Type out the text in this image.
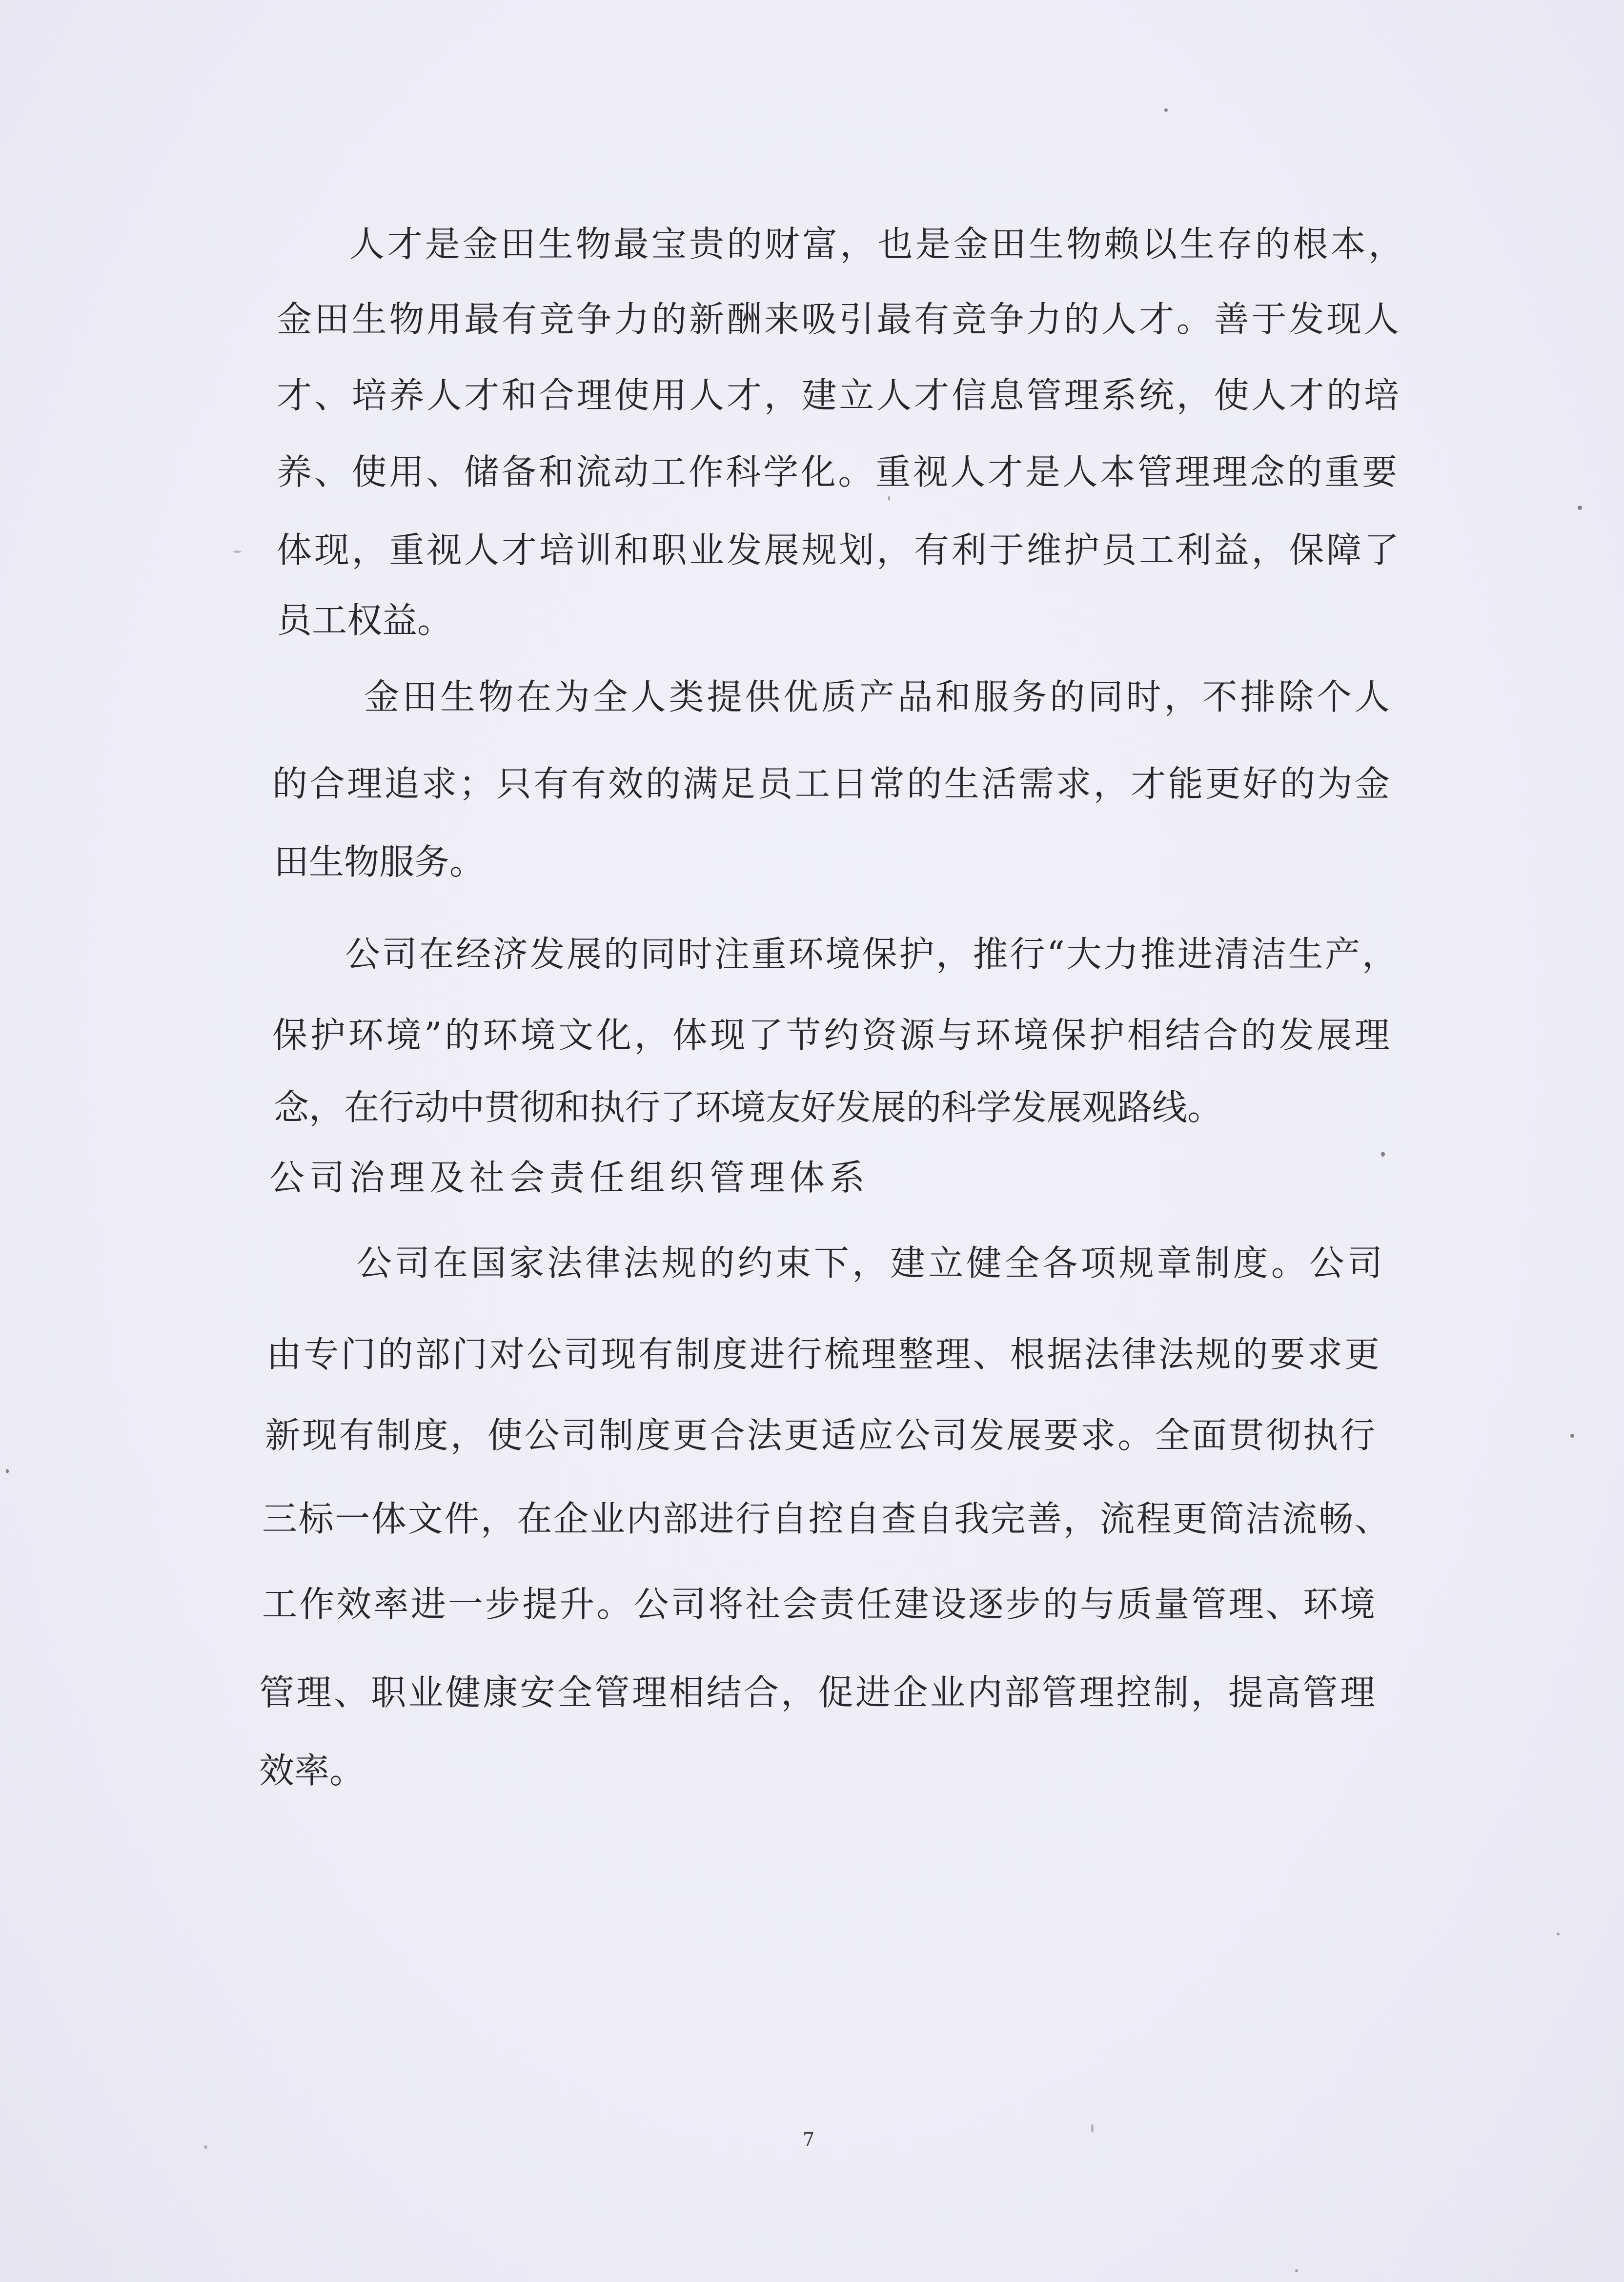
人才是金田生物最宝贵的财富，也是金田生物赖以生存的根本，
金田生物用最有竞争力的新酬来吸引最有竞争力的人才。善于发现人
才、培养人才和合理使用人才，建立人才信息管理系统，使人才的培
养、使用、储备和流动工作科学化。重视人才是人本管理理念的重要
体现，重视人才培训和职业发展规划，有利于维护员工利益，保障了
员工权益。
金田生物在为全人类提供优质产品和服务的同时，不排除个人
的合理追求；只有有效的满足员工日常的生活需求，才能更好的为金
田生物服务。
公司在经济发展的同时注重环境保护，推行“大力推进清洁生产，
保护环境”的环境文化，体现了节约资源与环境保护相结合的发展理
念，在行动中贯彻和执行了环境友好发展的科学发展观路线。
公司治理及社会责任组织管理体系
公司在国家法律法规的约束下，建立健全各项规章制度。公司
由专门的部门对公司现有制度进行梳理整理、根据法律法规的要求更
新现有制度，使公司制度更合法更适应公司发展要求。全面贯彻执行
三标一体文件，在企业内部进行自控自查自我完善，流程更简洁流畅、
工作效率进一步提升。公司将社会责任建设逐步的与质量管理、环境
管理、职业健康安全管理相结合，促进企业内部管理控制，提高管理
效率。
7
